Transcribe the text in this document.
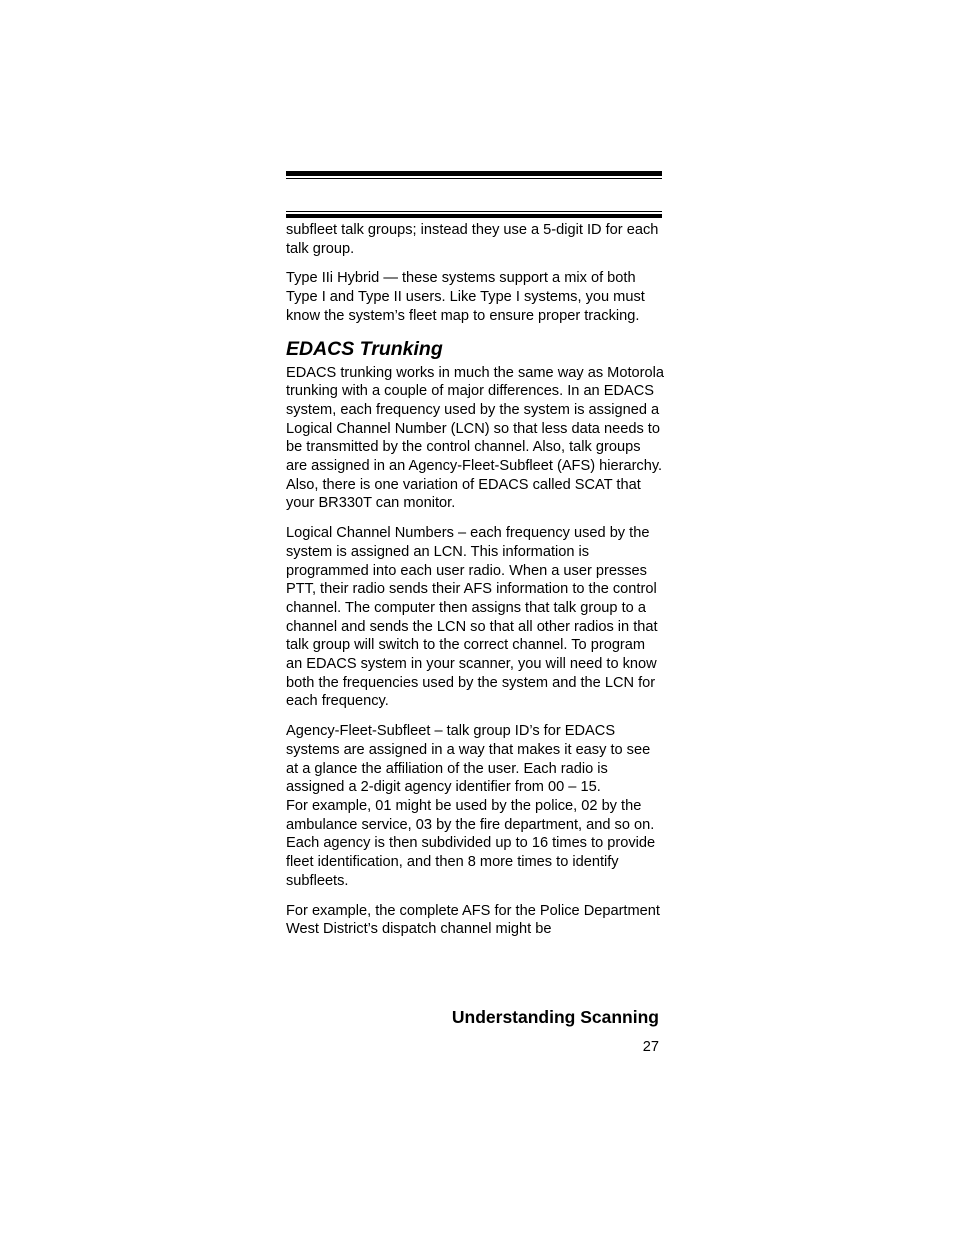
subfleet talk groups; instead they use a 5-digit ID for each talk group.

Type IIi Hybrid — these systems support a mix of both Type I and Type II users. Like Type I systems, you must know the system’s fleet map to ensure proper tracking.

EDACS Trunking

EDACS trunking works in much the same way as Motorola trunking with a couple of major differences. In an EDACS system, each frequency used by the system is assigned a Logical Channel Number (LCN) so that less data needs to be transmitted by the control channel. Also, talk groups are assigned in an Agency-Fleet-Subfleet (AFS) hierarchy. Also, there is one variation of EDACS called SCAT that your BR330T can monitor.

Logical Channel Numbers – each frequency used by the system is assigned an LCN. This information is programmed into each user radio. When a user presses PTT, their radio sends their AFS information to the control channel. The computer then assigns that talk group to a channel and sends the LCN so that all other radios in that talk group will switch to the correct channel. To program an EDACS system in your scanner, you will need to know both the frequencies used by the system and the LCN for each frequency.

Agency-Fleet-Subfleet – talk group ID’s for EDACS systems are assigned in a way that makes it easy to see at a glance the affiliation of the user. Each radio is assigned a 2-digit agency identifier from 00 – 15.
For example, 01 might be used by the police, 02 by the ambulance service, 03 by the fire department, and so on. Each agency is then subdivided up to 16 times to provide fleet identification, and then 8 more times to identify subfleets.

For example, the complete AFS for the Police Department West District’s dispatch channel might be

Understanding Scanning
27
